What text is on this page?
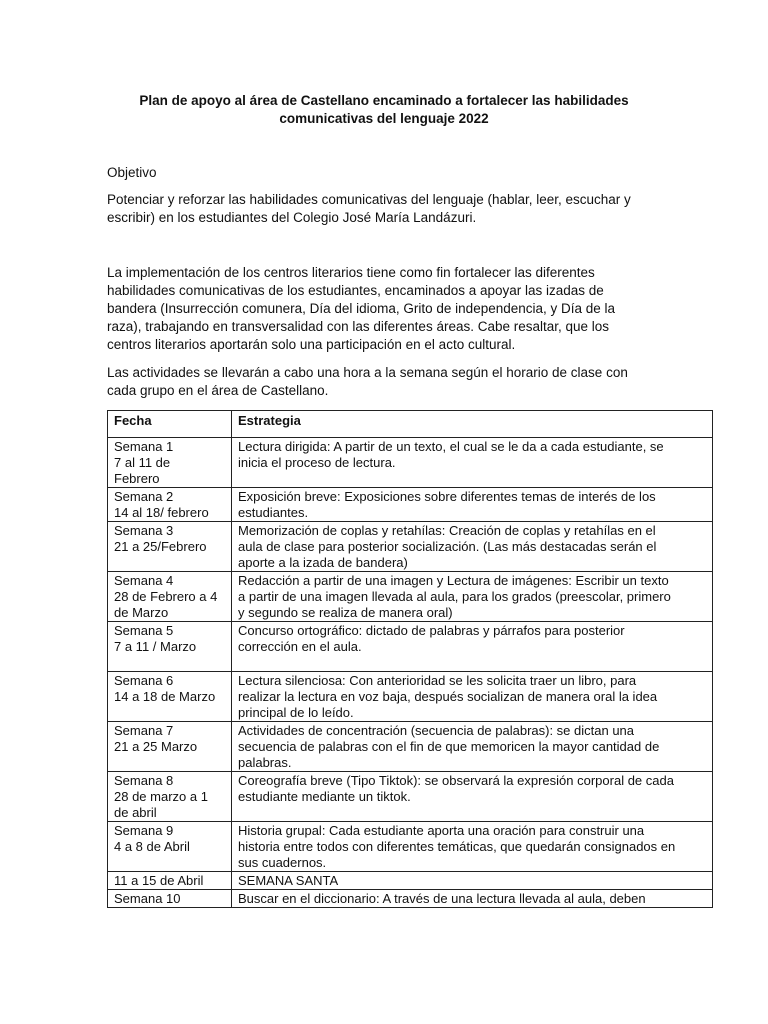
Plan de apoyo al área de Castellano encaminado a fortalecer las habilidades
comunicativas del lenguaje 2022
Objetivo
Potenciar y reforzar las habilidades comunicativas del lenguaje (hablar, leer, escuchar y
escribir) en los estudiantes del Colegio José María Landázuri.
La implementación de los centros literarios tiene como fin fortalecer las diferentes
habilidades comunicativas de los estudiantes, encaminados a apoyar las izadas de
bandera (Insurrección comunera, Día del idioma, Grito de independencia, y Día de la
raza), trabajando en transversalidad con las diferentes áreas. Cabe resaltar, que los
centros literarios aportarán solo una participación en el acto cultural.
Las actividades se llevarán a cabo una hora a la semana según el horario de clase con
cada grupo en el área de Castellano.
Fecha	Estrategia

Semana 1
7 al 11 de
Febrero	Lectura dirigida: A partir de un texto, el cual se le da a cada estudiante, se
inicia el proceso de lectura.

Semana 2
14 al 18/ febrero	Exposición breve: Exposiciones sobre diferentes temas de interés de los
estudiantes.

Semana 3
21 a 25/Febrero	Memorización de coplas y retahílas: Creación de coplas y retahílas en el
aula de clase para posterior socialización. (Las más destacadas serán el
aporte a la izada de bandera)

Semana 4
28 de Febrero a 4
de Marzo	Redacción a partir de una imagen y Lectura de imágenes: Escribir un texto
a partir de una imagen llevada al aula, para los grados (preescolar, primero
y segundo se realiza de manera oral)

Semana 5
7 a 11 / Marzo	Concurso ortográfico: dictado de palabras y párrafos para posterior
corrección en el aula.

Semana 6
14 a 18 de Marzo	Lectura silenciosa: Con anterioridad se les solicita traer un libro, para
realizar la lectura en voz baja, después socializan de manera oral la idea
principal de lo leído.

Semana 7
21 a 25 Marzo	Actividades de concentración (secuencia de palabras): se dictan una
secuencia de palabras con el fin de que memoricen la mayor cantidad de
palabras.

Semana 8
28 de marzo a 1
de abril	Coreografía breve (Tipo Tiktok): se observará la expresión corporal de cada
estudiante mediante un tiktok.

Semana 9
4 a 8 de Abril	Historia grupal: Cada estudiante aporta una oración para construir una
historia entre todos con diferentes temáticas, que quedarán consignados en
sus cuadernos.

11 a 15 de Abril	SEMANA SANTA

Semana 10	Buscar en el diccionario: A través de una lectura llevada al aula, deben
